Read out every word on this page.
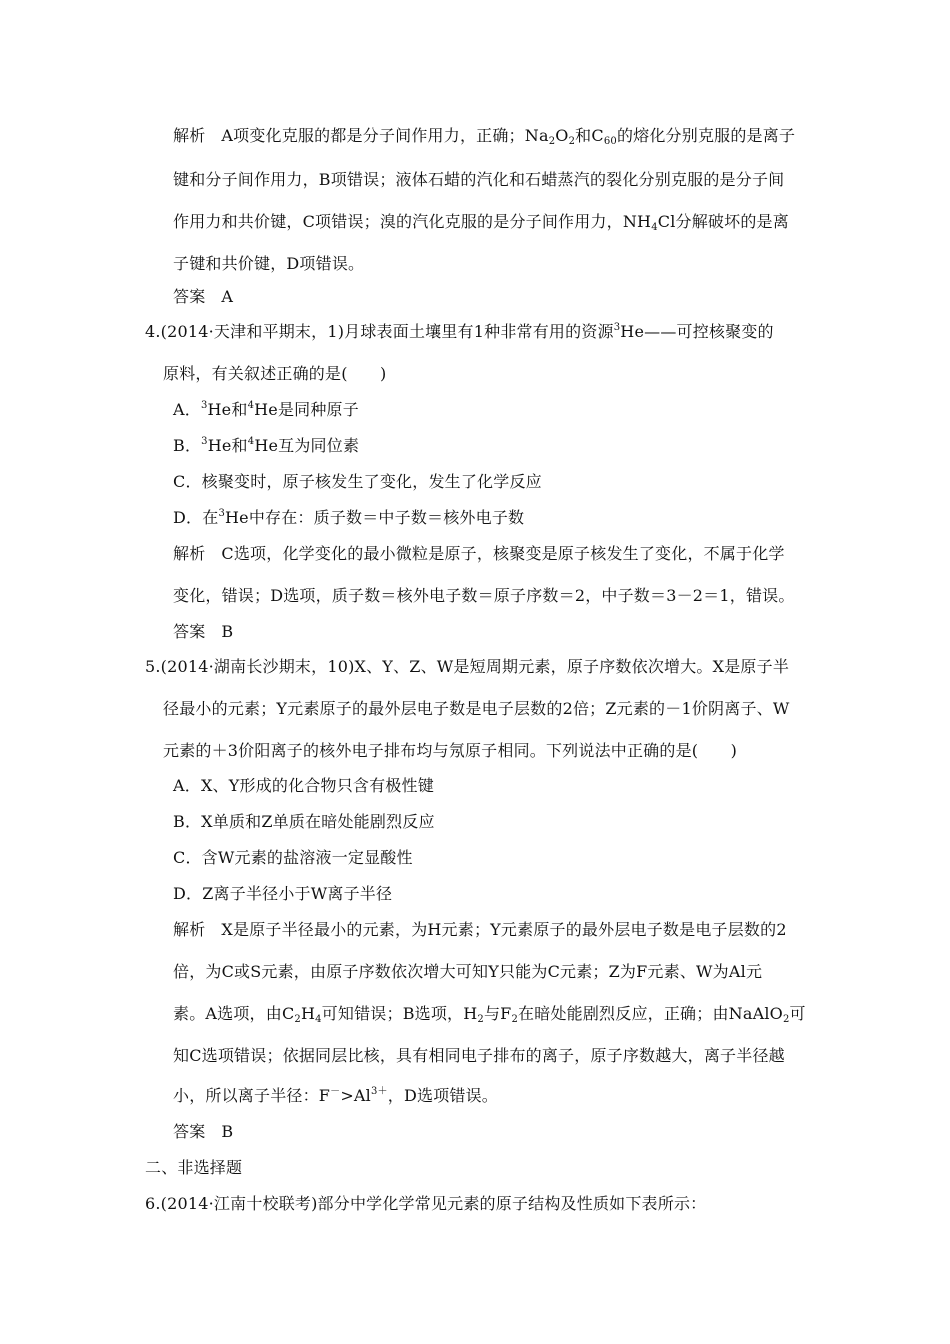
解析 A项变化克服的都是分子间作用力，正确；$Na_2O_2$和$C_{60}$的熔化分别克服的是离子
键和分子间作用力，B项错误；液体石蜡的汽化和石蜡蒸汽的裂化分别克服的是分子间
作用力和共价键，C项错误；溴的汽化克服的是分子间作用力，$NH_4Cl$分解破坏的是离
子键和共价键，D项错误。
答案 A
4.(2014·天津和平期末，1)月球表面土壤里有1种非常有用的资源$^3$He——可控核聚变的
原料，有关叙述正确的是(　　)
A．$^3$He和$^4$He是同种原子
B．$^3$He和$^4$He互为同位素
C．核聚变时，原子核发生了变化，发生了化学反应
D．在$^3$He中存在：质子数＝中子数＝核外电子数
解析 C选项，化学变化的最小微粒是原子，核聚变是原子核发生了变化，不属于化学
变化，错误；D选项，质子数＝核外电子数＝原子序数＝2，中子数＝3－2＝1，错误。
答案 B
5.(2014·湖南长沙期末，10)X、Y、Z、W是短周期元素，原子序数依次增大。X是原子半
径最小的元素；Y元素原子的最外层电子数是电子层数的2倍；Z元素的－1价阴离子、W
元素的＋3价阳离子的核外电子排布均与氖原子相同。下列说法中正确的是(　　)
A．X、Y形成的化合物只含有极性键
B．X单质和Z单质在暗处能剧烈反应
C．含W元素的盐溶液一定显酸性
D．Z离子半径小于W离子半径
解析 X是原子半径最小的元素，为H元素；Y元素原子的最外层电子数是电子层数的2
倍，为C或S元素，由原子序数依次增大可知Y只能为C元素；Z为F元素、W为Al元
素。A选项，由$C_2H_4$可知错误；B选项，$H_2$与$F_2$在暗处能剧烈反应，正确；由NaAlO$_2$可
知C选项错误；依据同层比核，具有相同电子排布的离子，原子序数越大，离子半径越
小，所以离子半径：$F^->Al^{3+}$，D选项错误。
答案 B
二、非选择题
6.(2014·江南十校联考)部分中学化学常见元素的原子结构及性质如下表所示：
